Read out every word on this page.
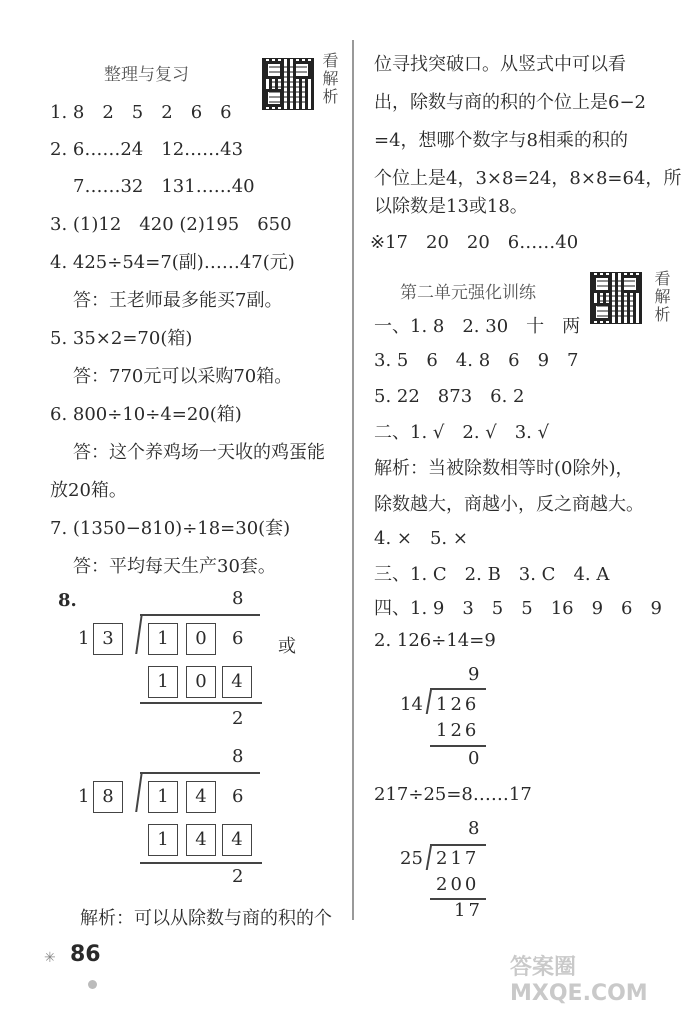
整理与复习	看解析
1. 8　2　5　2　6　6
2. 6……24　12……43
7……32　131……40
3. (1)12　420 (2)195　650
4. 425÷54=7(副)……47(元)
答：王老师最多能买7副。
5. 35×2=70(箱)
答：770元可以采购70箱。
6. 800÷10÷4=20(箱)
答：这个养鸡场一天收的鸡蛋能
放20箱。
7. (1350−810)÷18=30(套)
答：平均每天生产30套。
8.	8
1 3	1	0	6
1	0	4
2
或
8
1 8	1	4	6
1	4	4
2
解析：可以从除数与商的积的个
位寻找突破口。从竖式中可以看
出，除数与商的积的个位上是6−2
=4，想哪个数字与8相乘的积的
个位上是4，3×8=24，8×8=64，所
以除数是13或18。
※17　20　20　6……40
第二单元强化训练	看解析
一、1. 8　2. 30　十　两
3. 5　6　4. 8　6　9　7
5. 22　873　6. 2
二、1. √　2. √　3. √
解析：当被除数相等时(0除外)，
除数越大，商越小，反之商越大。
4. ×　5. ×
三、1. C　2. B　3. C　4. A
四、1. 9　3　5　5　16　9　6　9
2. 126÷14=9
9
14 126
126
0
217÷25=8……17
8
25 217
200
17
✳ 86
答案圈 MXQE.COM
